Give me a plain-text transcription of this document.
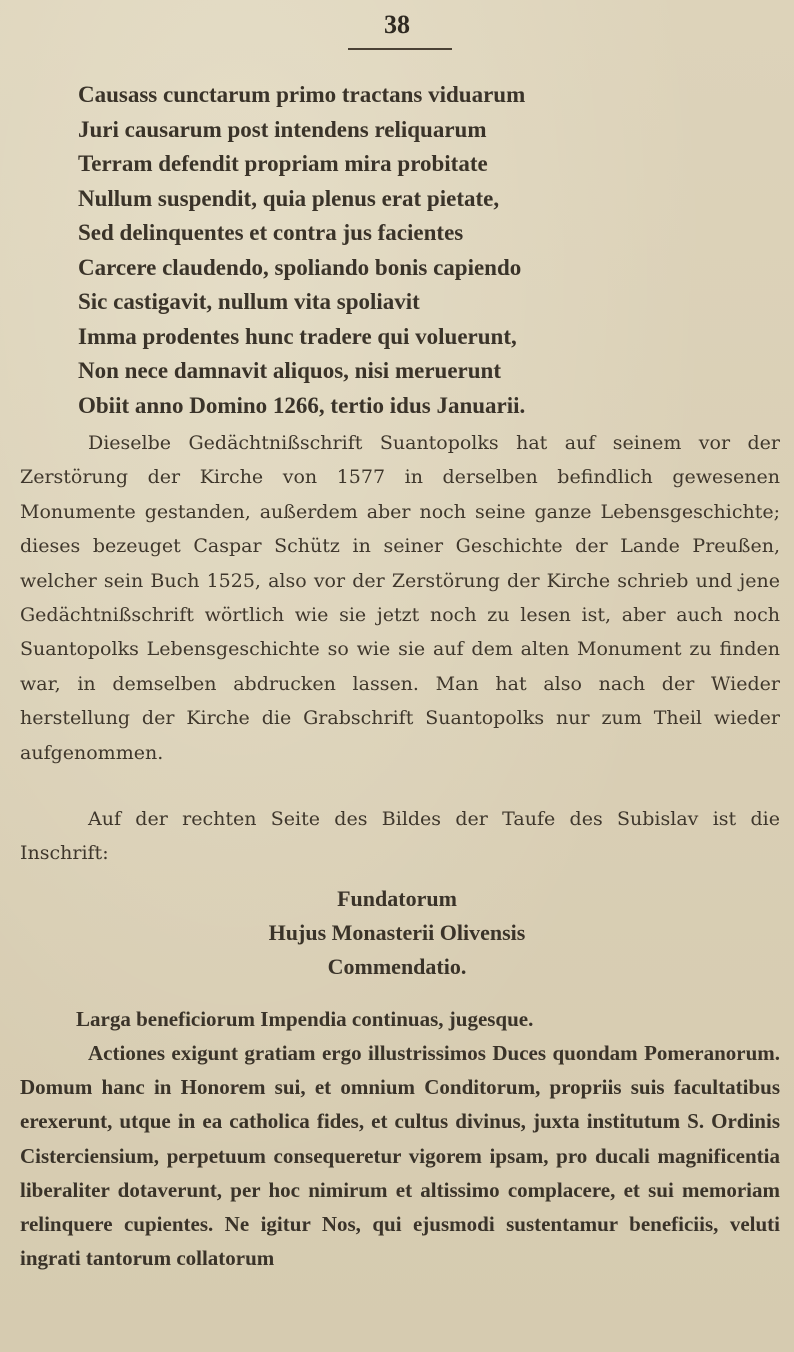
38
Causass cunctarum primo tractans viduarum
Juri causarum post intendens reliquarum
Terram defendit propriam mira probitate
Nullum suspendit, quia plenus erat pietate,
Sed delinquentes et contra jus facientes
Carcere claudendo, spoliando bonis capiendo
Sic castigavit, nullum vita spoliavit
Imma prodentes hunc tradere qui voluerunt,
Non nece damnavit aliquos, nisi meruerunt
Obiit anno Domino 1266, tertio idus Januarii.

Dieselbe Gedächtnißschrift Suantopolks hat auf seinem vor der Zerstörung der Kirche von 1577 in derselben befindlich gewesenen Monumente gestanden, außerdem aber noch seine ganze Lebensgeschichte; dieses bezeuget Caspar Schütz in seiner Geschichte der Lande Preußen, welcher sein Buch 1525, also vor der Zerstörung der Kirche schrieb und jene Gedächtnißschrift wörtlich wie sie jetzt noch zu lesen ist, aber auch noch Suantopolks Lebensgeschichte so wie sie auf dem alten Monument zu finden war, in demselben abdrucken lassen. Man hat also nach der Wieder herstellung der Kirche die Grabschrift Suantopolks nur zum Theil wieder aufgenommen.

Auf der rechten Seite des Bildes der Taufe des Subislav ist die Inschrift:

Fundatorum
Hujus Monasterii Olivensis
Commendatio.

Larga beneficiorum Impendia continuas, jugesque.

Actiones exigunt gratiam ergo illustrissimos Duces quondam Pomeranorum. Domum hanc in Honorem sui, et omnium Conditorum, propriis suis facultatibus erexerunt, utque in ea catholica fides, et cultus divinus, juxta institutum S. Ordinis Cisterciensium, perpetuum consequeretur vigorem ipsam, pro ducali magnificentia liberaliter dotaverunt, per hoc nimirum et altissimo complacere, et sui memoriam relinquere cupientes. Ne igitur Nos, qui ejusmodi sustentamur beneficiis, veluti ingrati tantorum collatorum
